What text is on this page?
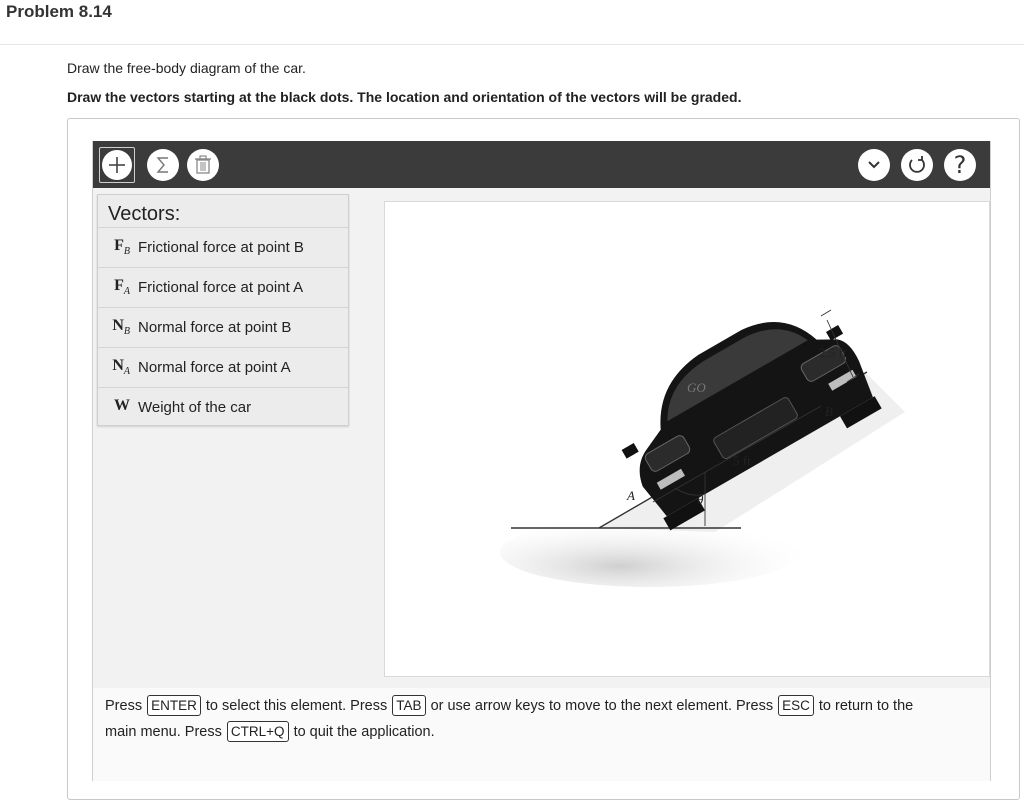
Problem 8.14
Draw the free-body diagram of the car.
Draw the vectors starting at the black dots. The location and orientation of the vectors will be graded.
?
Vectors:
$F_B$ Frictional force at point B
$F_A$ Frictional force at point A
$N_B$ Normal force at point B
$N_A$ Normal force at point A
W Weight of the car
GO
2.5 ft
5 ft
A
B
θ
Press ENTER to select this element. Press TAB or use arrow keys to move to the next element. Press ESC to return to the main menu. Press CTRL+Q to quit the application.
